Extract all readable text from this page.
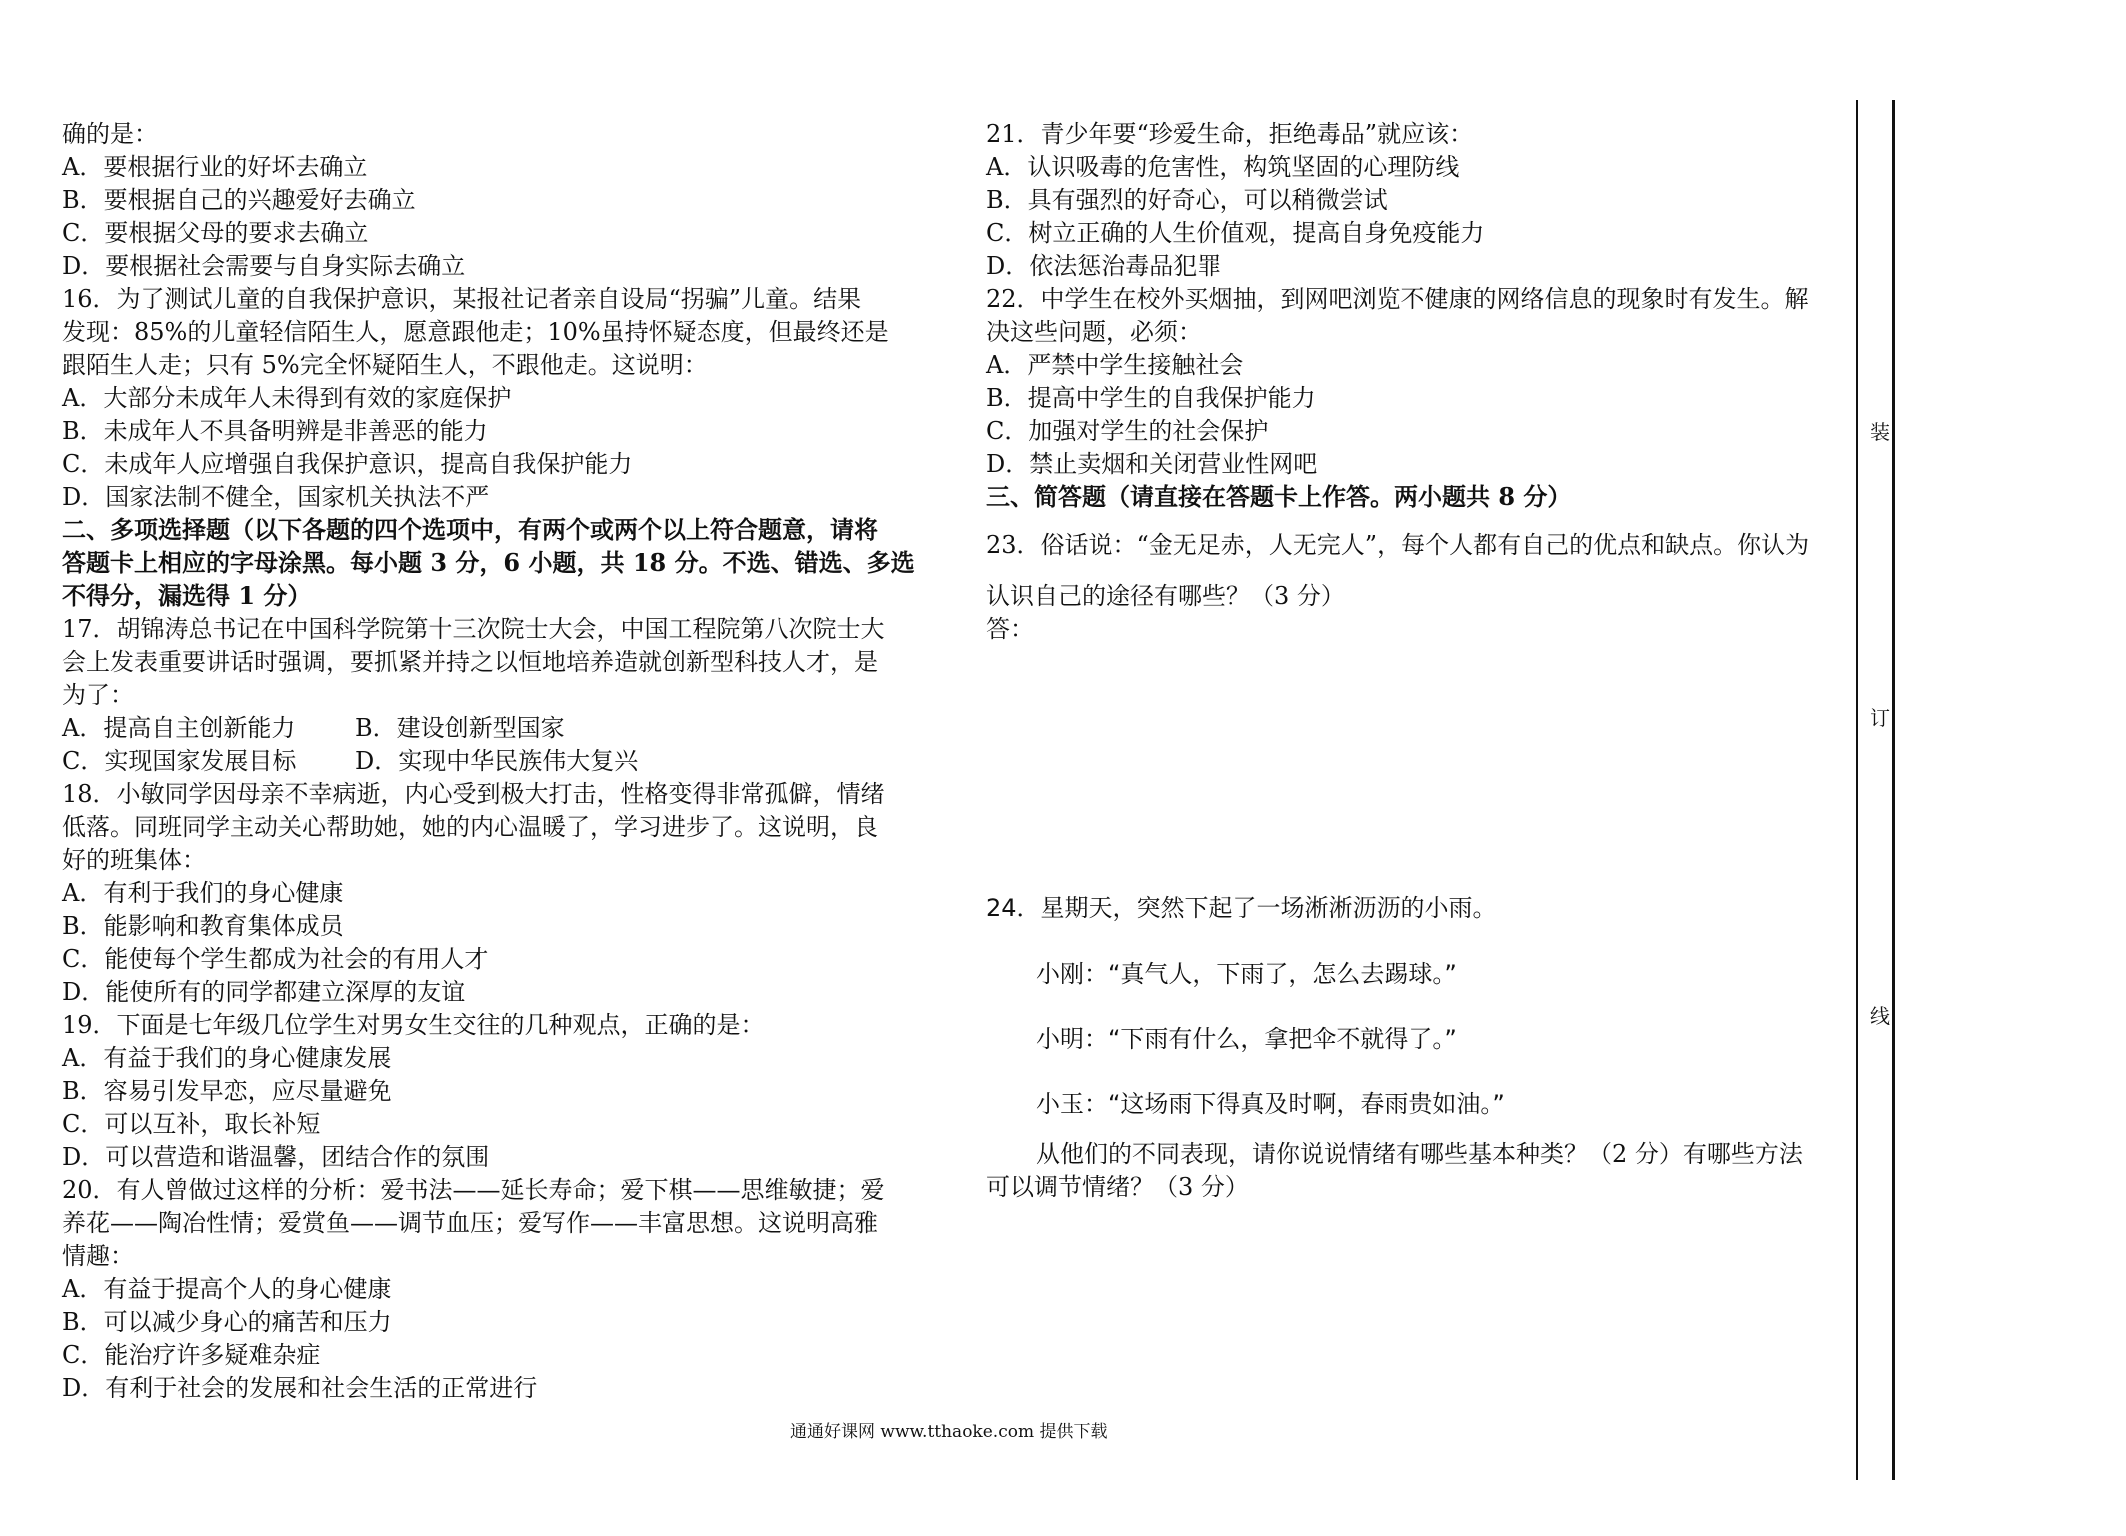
确的是：
A．要根据行业的好坏去确立
B．要根据自己的兴趣爱好去确立
C．要根据父母的要求去确立
D．要根据社会需要与自身实际去确立
16．为了测试儿童的自我保护意识，某报社记者亲自设局“拐骗”儿童。结果
发现：85%的儿童轻信陌生人，愿意跟他走；10%虽持怀疑态度，但最终还是
跟陌生人走；只有 5%完全怀疑陌生人，不跟他走。这说明：
A．大部分未成年人未得到有效的家庭保护
B．未成年人不具备明辨是非善恶的能力
C．未成年人应增强自我保护意识，提高自我保护能力
D．国家法制不健全，国家机关执法不严
二、多项选择题（以下各题的四个选项中，有两个或两个以上符合题意，请将
答题卡上相应的字母涂黑。每小题 3 分，6 小题，共 18 分。不选、错选、多选
不得分，漏选得 1 分）
17．胡锦涛总书记在中国科学院第十三次院士大会，中国工程院第八次院士大
会上发表重要讲话时强调，要抓紧并持之以恒地培养造就创新型科技人才，是
为了：
A．提高自主创新能力 B．建设创新型国家
C．实现国家发展目标 D．实现中华民族伟大复兴
18．小敏同学因母亲不幸病逝，内心受到极大打击，性格变得非常孤僻，情绪
低落。同班同学主动关心帮助她，她的内心温暖了，学习进步了。这说明，良
好的班集体：
A．有利于我们的身心健康
B．能影响和教育集体成员
C．能使每个学生都成为社会的有用人才
D．能使所有的同学都建立深厚的友谊
19．下面是七年级几位学生对男女生交往的几种观点，正确的是：
A．有益于我们的身心健康发展
B．容易引发早恋，应尽量避免
C．可以互补，取长补短
D．可以营造和谐温馨，团结合作的氛围
20．有人曾做过这样的分析：爱书法——延长寿命；爱下棋——思维敏捷；爱
养花——陶冶性情；爱赏鱼——调节血压；爱写作——丰富思想。这说明高雅
情趣：
A．有益于提高个人的身心健康
B．可以减少身心的痛苦和压力
C．能治疗许多疑难杂症
D．有利于社会的发展和社会生活的正常进行
21．青少年要“珍爱生命，拒绝毒品”就应该：
A．认识吸毒的危害性，构筑坚固的心理防线
B．具有强烈的好奇心，可以稍微尝试
C．树立正确的人生价值观，提高自身免疫能力
D．依法惩治毒品犯罪
22．中学生在校外买烟抽，到网吧浏览不健康的网络信息的现象时有发生。解
决这些问题，必须：
A．严禁中学生接触社会
B．提高中学生的自我保护能力
C．加强对学生的社会保护
D．禁止卖烟和关闭营业性网吧
三、简答题（请直接在答题卡上作答。两小题共 8 分）
23．俗话说：“金无足赤，人无完人”，每个人都有自己的优点和缺点。你认为
认识自己的途径有哪些？（3 分）
答：
24．星期天，突然下起了一场淅淅沥沥的小雨。
小刚：“真气人，下雨了，怎么去踢球。”
小明：“下雨有什么，拿把伞不就得了。”
小玉：“这场雨下得真及时啊，春雨贵如油。”
从他们的不同表现，请你说说情绪有哪些基本种类？（2 分）有哪些方法
可以调节情绪？（3 分）
装
订
线
通通好课网 www.tthaoke.com 提供下载
